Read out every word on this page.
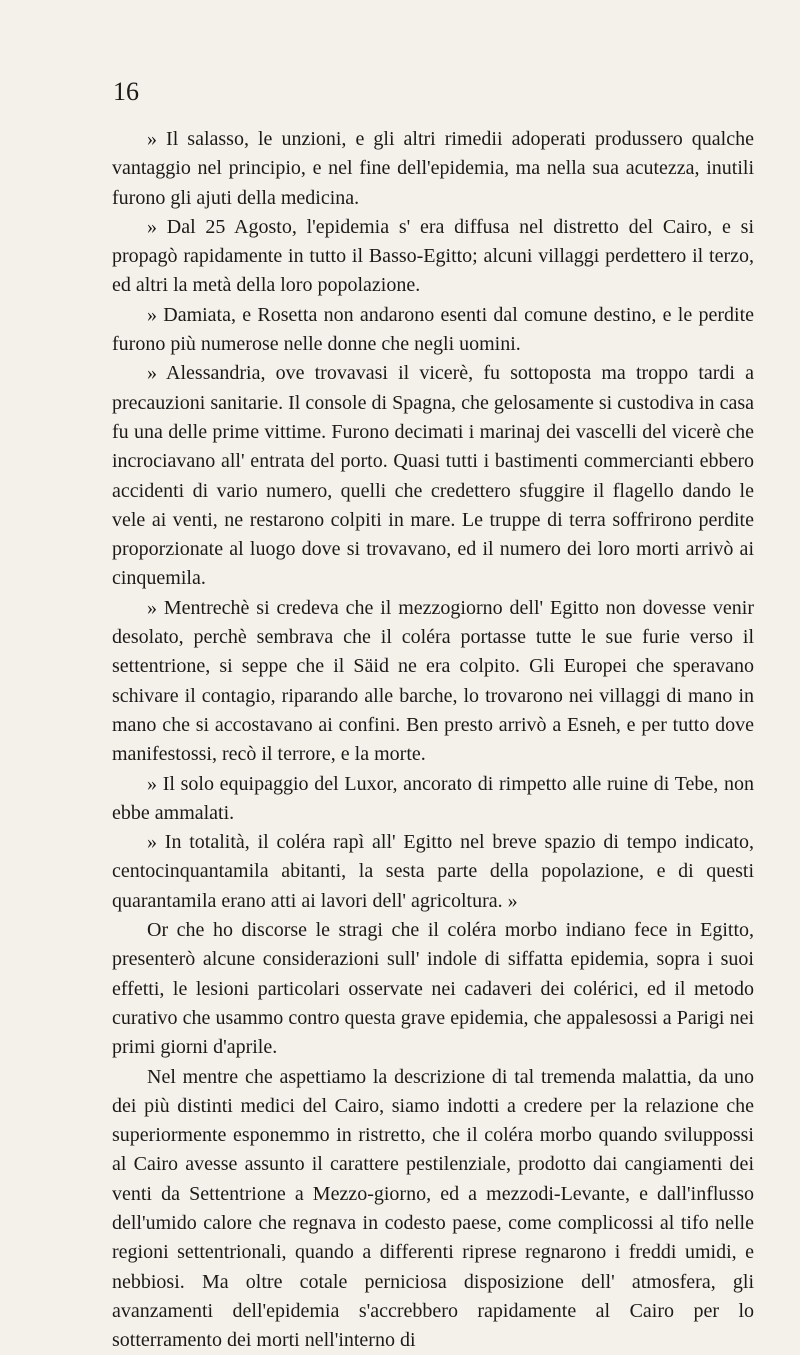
16

» Il salasso, le unzioni, e gli altri rimedii adoperati produssero qualche vantaggio nel principio, e nel fine dell'epidemia, ma nella sua acutezza, inutili furono gli ajuti della medicina.

» Dal 25 Agosto, l'epidemia s' era diffusa nel distretto del Cairo, e si propagò rapidamente in tutto il Basso-Egitto; alcuni villaggi perdettero il terzo, ed altri la metà della loro popolazione.

» Damiata, e Rosetta non andarono esenti dal comune destino, e le perdite furono più numerose nelle donne che negli uomini.

» Alessandria, ove trovavasi il vicerè, fu sottoposta ma troppo tardi a precauzioni sanitarie. Il console di Spagna, che gelosamente si custodiva in casa fu una delle prime vittime. Furono decimati i marinaj dei vascelli del vicerè che incrociavano all' entrata del porto. Quasi tutti i bastimenti commercianti ebbero accidenti di vario numero, quelli che credettero sfuggire il flagello dando le vele ai venti, ne restarono colpiti in mare. Le truppe di terra soffrirono perdite proporzionate al luogo dove si trovavano, ed il numero dei loro morti arrivò ai cinquemila.

» Mentrechè si credeva che il mezzogiorno dell' Egitto non dovesse venir desolato, perchè sembrava che il coléra portasse tutte le sue furie verso il settentrione, si seppe che il Säid ne era colpito. Gli Europei che speravano schivare il contagio, riparando alle barche, lo trovarono nei villaggi di mano in mano che si accostavano ai confini. Ben presto arrivò a Esneh, e per tutto dove manifestossi, recò il terrore, e la morte.

» Il solo equipaggio del Luxor, ancorato di rimpetto alle ruine di Tebe, non ebbe ammalati.

» In totalità, il coléra rapì all' Egitto nel breve spazio di tempo indicato, centocinquantamila abitanti, la sesta parte della popolazione, e di questi quarantamila erano atti ai lavori dell' agricoltura. »

Or che ho discorse le stragi che il coléra morbo indiano fece in Egitto, presenterò alcune considerazioni sull' indole di siffatta epidemia, sopra i suoi effetti, le lesioni particolari osservate nei cadaveri dei colérici, ed il metodo curativo che usammo contro questa grave epidemia, che appalesossi a Parigi nei primi giorni d'aprile.

Nel mentre che aspettiamo la descrizione di tal tremenda malattia, da uno dei più distinti medici del Cairo, siamo indotti a credere per la relazione che superiormente esponemmo in ristretto, che il coléra morbo quando sviluppossi al Cairo avesse assunto il carattere pestilenziale, prodotto dai cangiamenti dei venti da Settentrione a Mezzo-giorno, ed a mezzodi-Levante, e dall'influsso dell'umido calore che regnava in codesto paese, come complicossi al tifo nelle regioni settentrionali, quando a differenti riprese regnarono i freddi umidi, e nebbiosi. Ma oltre cotale perniciosa disposizione dell' atmosfera, gli avanzamenti dell'epidemia s'accrebbero rapidamente al Cairo per lo sotterramento dei morti nell'interno di
